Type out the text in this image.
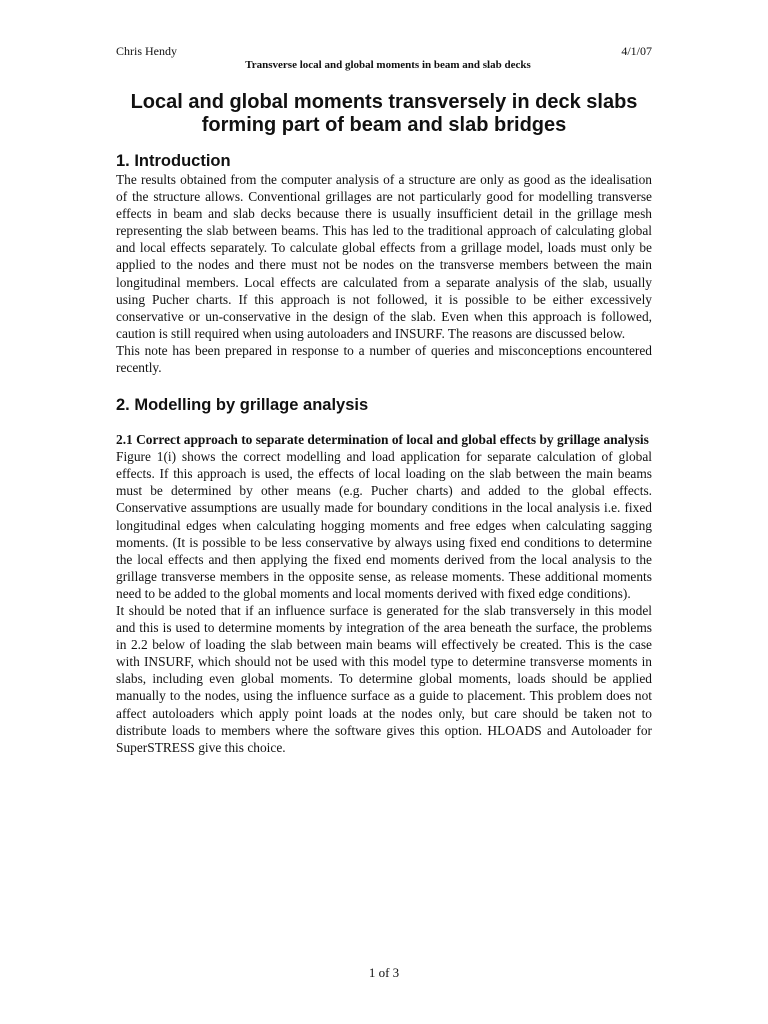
Chris Hendy	4/1/07
Transverse local and global moments in beam and slab decks
Local and global moments transversely in deck slabs
forming part of beam and slab bridges
1. Introduction

The results obtained from the computer analysis of a structure are only as good as the idealisation of the structure allows. Conventional grillages are not particularly good for modelling transverse effects in beam and slab decks because there is usually insufficient detail in the grillage mesh representing the slab between beams. This has led to the traditional approach of calculating global and local effects separately. To calculate global effects from a grillage model, loads must only be applied to the nodes and there must not be nodes on the transverse members between the main longitudinal members. Local effects are calculated from a separate analysis of the slab, usually using Pucher charts. If this approach is not followed, it is possible to be either excessively conservative or un-conservative in the design of the slab. Even when this approach is followed, caution is still required when using autoloaders and INSURF. The reasons are discussed below.

This note has been prepared in response to a number of queries and misconceptions encountered recently.

2. Modelling by grillage analysis

2.1 Correct approach to separate determination of local and global effects by grillage analysis

Figure 1(i) shows the correct modelling and load application for separate calculation of global effects. If this approach is used, the effects of local loading on the slab between the main beams must be determined by other means (e.g. Pucher charts) and added to the global effects. Conservative assumptions are usually made for boundary conditions in the local analysis i.e. fixed longitudinal edges when calculating hogging moments and free edges when calculating sagging moments. (It is possible to be less conservative by always using fixed end conditions to determine the local effects and then applying the fixed end moments derived from the local analysis to the grillage transverse members in the opposite sense, as release moments. These additional moments need to be added to the global moments and local moments derived with fixed edge conditions).

It should be noted that if an influence surface is generated for the slab transversely in this model and this is used to determine moments by integration of the area beneath the surface, the problems in 2.2 below of loading the slab between main beams will effectively be created. This is the case with INSURF, which should not be used with this model type to determine transverse moments in slabs, including even global moments. To determine global moments, loads should be applied manually to the nodes, using the influence surface as a guide to placement. This problem does not affect autoloaders which apply point loads at the nodes only, but care should be taken not to distribute loads to members where the software gives this option. HLOADS and Autoloader for SuperSTRESS give this choice.

1 of 3
